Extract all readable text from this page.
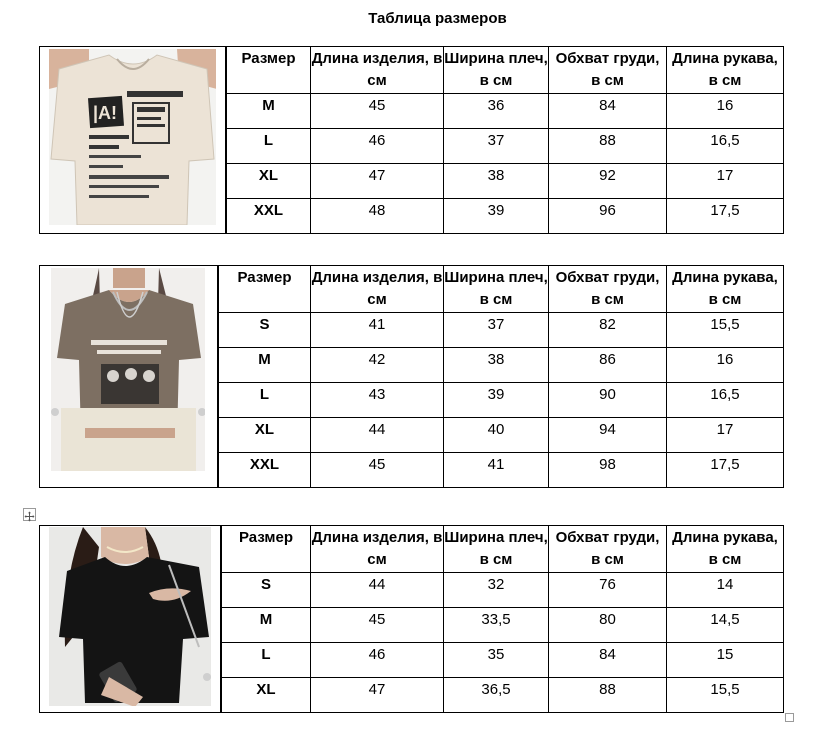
Таблица размеров
|A!
Размер	Длина изделия, в см	Ширина плеч, в см	Обхват груди, в см	Длина рукава, в см
M	45	36	84	16
L	46	37	88	16,5
XL	47	38	92	17
XXL	48	39	96	17,5
Размер	Длина изделия, в см	Ширина плеч, в см	Обхват груди, в см	Длина рукава, в см
S	41	37	82	15,5
M	42	38	86	16
L	43	39	90	16,5
XL	44	40	94	17
XXL	45	41	98	17,5
Размер	Длина изделия, в см	Ширина плеч, в см	Обхват груди, в см	Длина рукава, в см
S	44	32	76	14
M	45	33,5	80	14,5
L	46	35	84	15
XL	47	36,5	88	15,5
